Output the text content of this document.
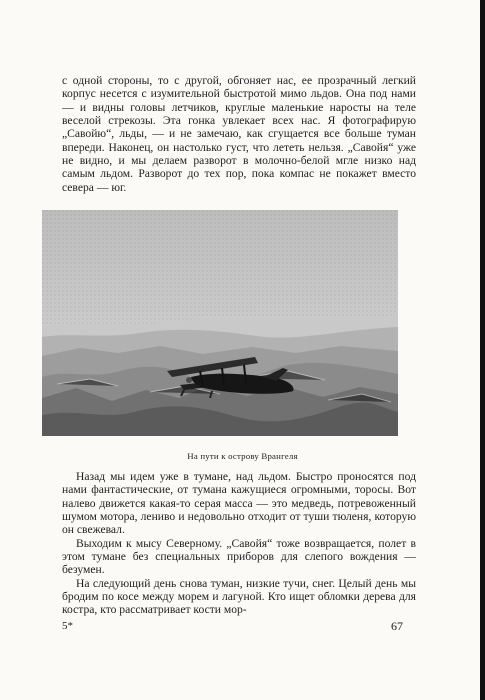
с одной стороны, то с другой, обгоняет нас, ее прозрачный легкий корпус несется с изумительной быстротой мимо льдов. Она под нами — и видны головы летчиков, круглые маленькие наросты на теле веселой стрекозы. Эта гонка увлекает всех нас. Я фотографирую „Савойю“, льды, — и не замечаю, как сгущается все больше туман впереди. Наконец, он настолько густ, что лететь нельзя. „Савойя“ уже не видно, и мы делаем разворот в молочно-белой мгле низко над самым льдом. Разворот до тех пор, пока компас не покажет вместо севера — юг.

На пути к острову Врангеля

Назад мы идем уже в тумане, над льдом. Быстро проносятся под нами фантастические, от тумана кажущиеся огромными, торосы. Вот налево движется какая-то серая масса — это медведь, потревоженный шумом мотора, лениво и недовольно отходит от туши тюленя, которую он свежевал.

Выходим к мысу Северному. „Савойя“ тоже возвращается, полет в этом тумане без специальных приборов для слепого вождения — безумен.

На следующий день снова туман, низкие тучи, снег. Целый день мы бродим по косе между морем и лагуной. Кто ищет обломки дерева для костра, кто рассматривает кости мор-

5*	67
